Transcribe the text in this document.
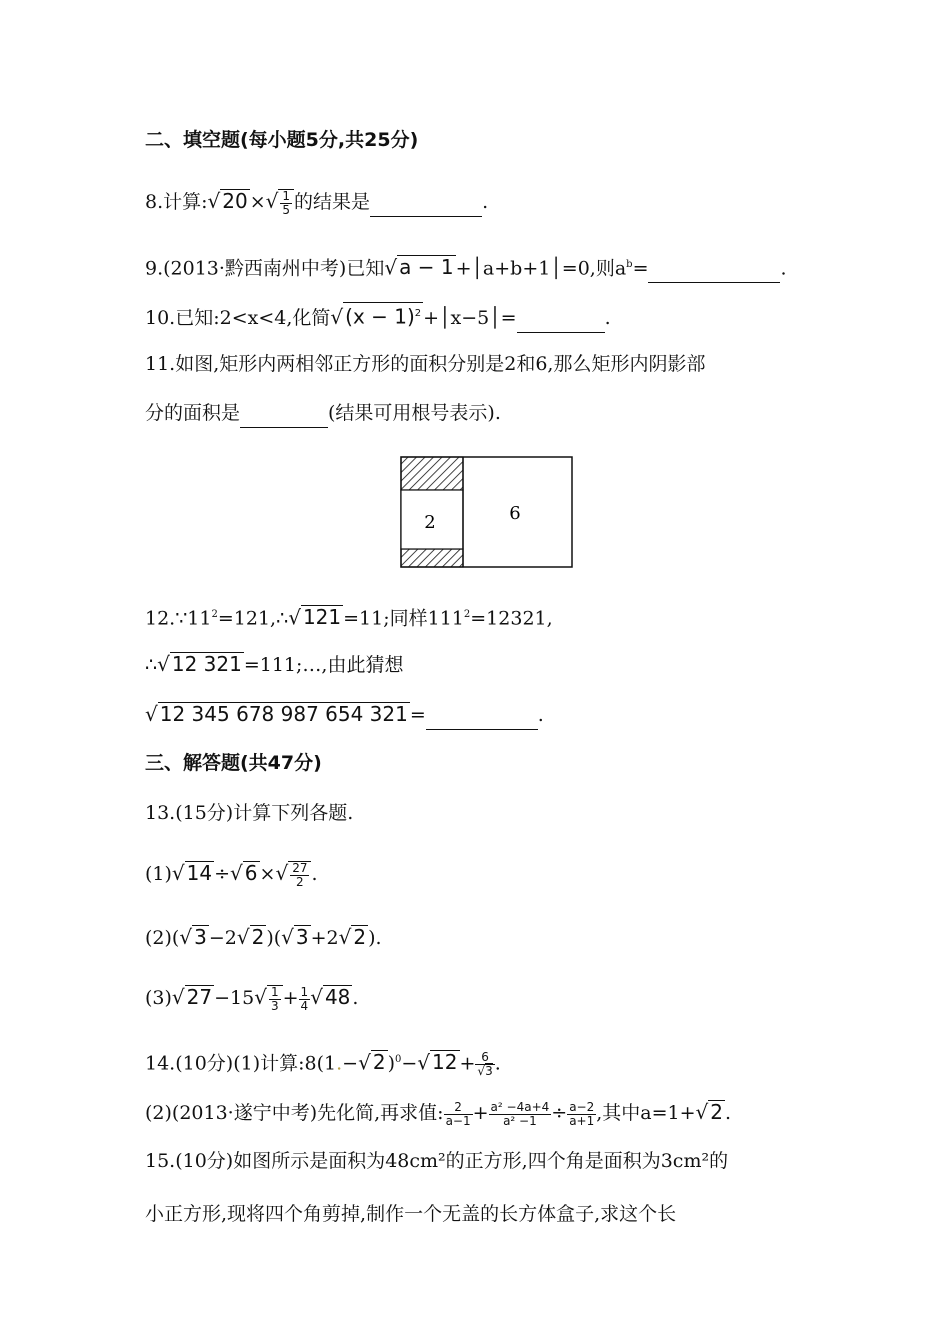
二、填空题(每小题5分,共25分)
8.计算:√ 20 ×√ $\frac{1}{5}$ 的结果是	.
9.(2013·黔西南州中考)已知√ a − 1 +│a+b+1│=0,则$a^b=$	.
10.已知:2<x<4,化简√ $(x - 1)^2$ +│x−5│=	.
11.如图,矩形内两相邻正方形的面积分别是2和6,那么矩形内阴影部
分的面积是	(结果可用根号表示).
2	6
$12.\because 11^2=121,\therefore√$ 121 =11;同样$111^2=12321$,
∴√ 12 321 =111;…,由此猜想
√ 12 345 678 987 654 321 =	.
三、解答题(共47分)
13.(15分)计算下列各题.
(1)√ 14 ÷√ 6 ×√ $\frac{27}{2}$ .
(2)(√ 3 −2√ 2 )(√ 3 +2√ 2 ).
(3)√ $27 -15√ \frac{1}{3} + \frac{1}{4}$ √ 48 .
14.(10分)(1)计算:8(1.−√ 2 )$^0$−√ $12 + \frac{6}{√3}$ .
(2)(2013·遂宁中考)先化简,再求值: $\frac{2}{a-1} + \frac{\text{a² −4a+4}}{\text{a² −1}} \div \frac{a-2}{a+1}$ ,其中a=1+√ 2 .
15.(10分)如图所示是面积为48cm²的正方形,四个角是面积为3cm²的
小正方形,现将四个角剪掉,制作一个无盖的长方体盒子,求这个长
